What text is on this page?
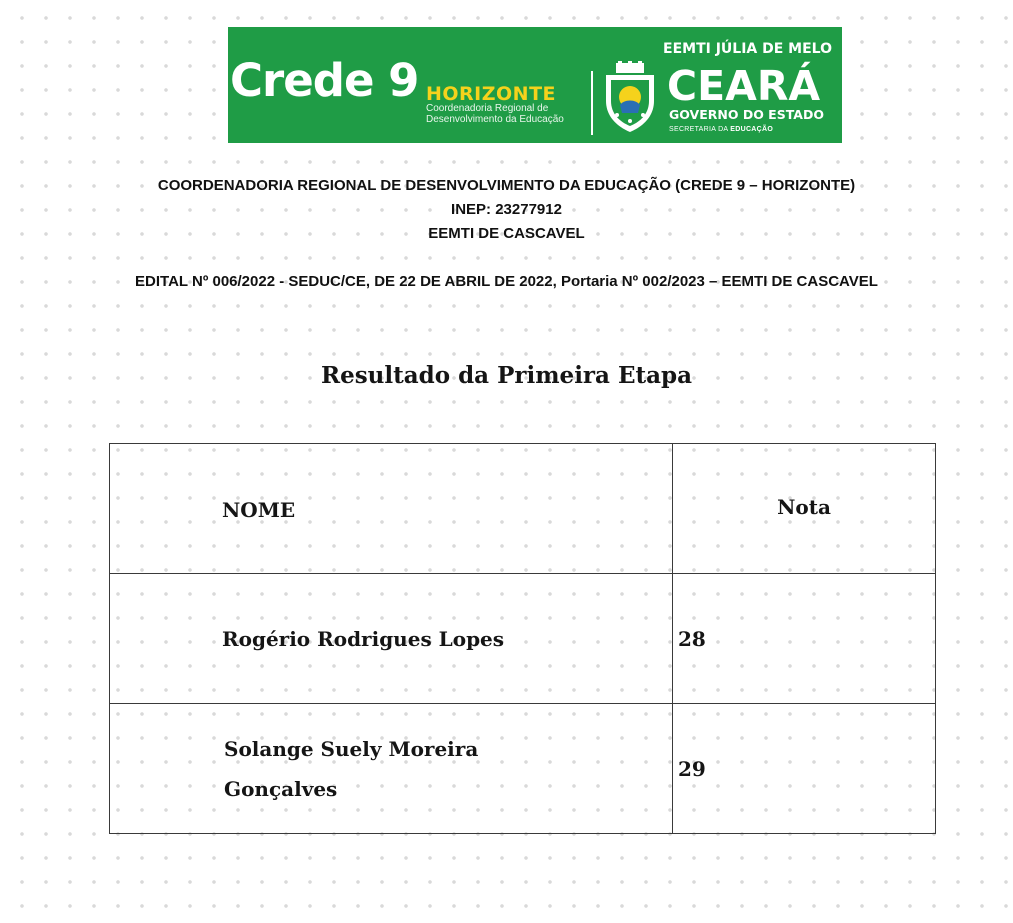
Crede 9 HORIZONTE
Coordenadoria Regional de
Desenvolvimento da Educação
EEMTI JÚLIA DE MELO
CEARÁ
GOVERNO DO ESTADO
SECRETARIA DA EDUCAÇÃO
COORDENADORIA REGIONAL DE DESENVOLVIMENTO DA EDUCAÇÃO (CREDE 9 – HORIZONTE)
INEP: 23277912
EEMTI DE CASCAVEL
EDITAL Nº 006/2022 - SEDUC/CE, DE 22 DE ABRIL DE 2022, Portaria Nº 002/2023 – EEMTI DE CASCAVEL
Resultado da Primeira Etapa
NOME	Nota
Rogério Rodrigues Lopes	28
Solange Suely Moreira Gonçalves	29
